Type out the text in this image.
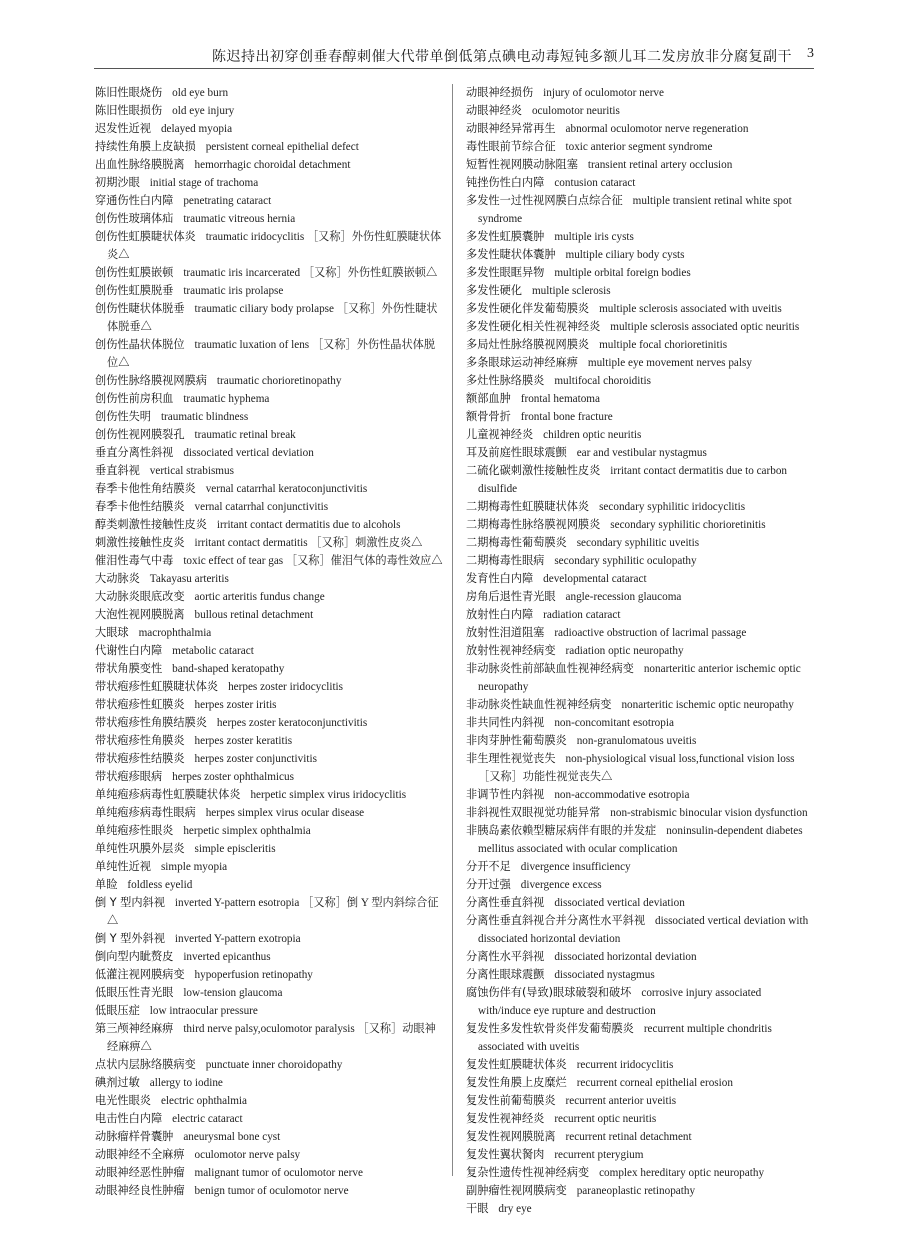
陈迟持出初穿创垂春醇刺催大代带单倒低第点碘电动毒短钝多额儿耳二发房放非分腐复副干 3
陈旧性眼烧伤 old eye burn
陈旧性眼损伤 old eye injury
迟发性近视 delayed myopia
持续性角膜上皮缺损 persistent corneal epithelial defect
出血性脉络膜脱离 hemorrhagic choroidal detachment
初期沙眼 initial stage of trachoma
穿通伤性白内障 penetrating cataract
创伤性玻璃体疝 traumatic vitreous hernia
创伤性虹膜睫状体炎 traumatic iridocyclitis ［又称］外伤性虹膜睫状体炎△
创伤性虹膜嵌顿 traumatic iris incarcerated ［又称］外伤性虹膜嵌顿△
创伤性虹膜脱垂 traumatic iris prolapse
创伤性睫状体脱垂 traumatic ciliary body prolapse ［又称］外伤性睫状体脱垂△
创伤性晶状体脱位 traumatic luxation of lens ［又称］外伤性晶状体脱位△
创伤性脉络膜视网膜病 traumatic chorioretinopathy
创伤性前房积血 traumatic hyphema
创伤性失明 traumatic blindness
创伤性视网膜裂孔 traumatic retinal break
垂直分离性斜视 dissociated vertical deviation
垂直斜视 vertical strabismus
春季卡他性角结膜炎 vernal catarrhal keratoconjunctivitis
春季卡他性结膜炎 vernal catarrhal conjunctivitis
醇类刺激性接触性皮炎 irritant contact dermatitis due to alcohols
刺激性接触性皮炎 irritant contact dermatitis ［又称］刺激性皮炎△
催泪性毒气中毒 toxic effect of tear gas ［又称］催泪气体的毒性效应△
大动脉炎 Takayasu arteritis
大动脉炎眼底改变 aortic arteritis fundus change
大泡性视网膜脱离 bullous retinal detachment
大眼球 macrophthalmia
代谢性白内障 metabolic cataract
带状角膜变性 band-shaped keratopathy
带状疱疹性虹膜睫状体炎 herpes zoster iridocyclitis
带状疱疹性虹膜炎 herpes zoster iritis
带状疱疹性角膜结膜炎 herpes zoster keratoconjunctivitis
带状疱疹性角膜炎 herpes zoster keratitis
带状疱疹性结膜炎 herpes zoster conjunctivitis
带状疱疹眼病 herpes zoster ophthalmicus
单纯疱疹病毒性虹膜睫状体炎 herpetic simplex virus iridocyclitis
单纯疱疹病毒性眼病 herpes simplex virus ocular disease
单纯疱疹性眼炎 herpetic simplex ophthalmia
单纯性巩膜外层炎 simple episcleritis
单纯性近视 simple myopia
单睑 foldless eyelid
倒 Y 型内斜视 inverted Y-pattern esotropia ［又称］倒 Y 型内斜综合征△
倒 Y 型外斜视 inverted Y-pattern exotropia
倒向型内眦赘皮 inverted epicanthus
低灌注视网膜病变 hypoperfusion retinopathy
低眼压性青光眼 low-tension glaucoma
低眼压症 low intraocular pressure
第三颅神经麻痹 third nerve palsy,oculomotor paralysis ［又称］动眼神经麻痹△
点状内层脉络膜病变 punctuate inner choroidopathy
碘剂过敏 allergy to iodine
电光性眼炎 electric ophthalmia
电击性白内障 electric cataract
动脉瘤样骨囊肿 aneurysmal bone cyst
动眼神经不全麻痹 oculomotor nerve palsy
动眼神经恶性肿瘤 malignant tumor of oculomotor nerve
动眼神经良性肿瘤 benign tumor of oculomotor nerve
动眼神经损伤 injury of oculomotor nerve
动眼神经炎 oculomotor neuritis
动眼神经异常再生 abnormal oculomotor nerve regeneration
毒性眼前节综合征 toxic anterior segment syndrome
短暂性视网膜动脉阻塞 transient retinal artery occlusion
钝挫伤性白内障 contusion cataract
多发性一过性视网膜白点综合征 multiple transient retinal white spot syndrome
多发性虹膜囊肿 multiple iris cysts
多发性睫状体囊肿 multiple ciliary body cysts
多发性眼眶异物 multiple orbital foreign bodies
多发性硬化 multiple sclerosis
多发性硬化伴发葡萄膜炎 multiple sclerosis associated with uveitis
多发性硬化相关性视神经炎 multiple sclerosis associated optic neuritis
多局灶性脉络膜视网膜炎 multiple focal chorioretinitis
多条眼球运动神经麻痹 multiple eye movement nerves palsy
多灶性脉络膜炎 multifocal choroiditis
额部血肿 frontal hematoma
额骨骨折 frontal bone fracture
儿童视神经炎 children optic neuritis
耳及前庭性眼球震颤 ear and vestibular nystagmus
二硫化碳刺激性接触性皮炎 irritant contact dermatitis due to carbon disulfide
二期梅毒性虹膜睫状体炎 secondary syphilitic iridocyclitis
二期梅毒性脉络膜视网膜炎 secondary syphilitic chorioretinitis
二期梅毒性葡萄膜炎 secondary syphilitic uveitis
二期梅毒性眼病 secondary syphilitic oculopathy
发育性白内障 developmental cataract
房角后退性青光眼 angle-recession glaucoma
放射性白内障 radiation cataract
放射性泪道阻塞 radioactive obstruction of lacrimal passage
放射性视神经病变 radiation optic neuropathy
非动脉炎性前部缺血性视神经病变 nonarteritic anterior ischemic optic neuropathy
非动脉炎性缺血性视神经病变 nonarteritic ischemic optic neuropathy
非共同性内斜视 non-concomitant esotropia
非肉芽肿性葡萄膜炎 non-granulomatous uveitis
非生理性视觉丧失 non-physiological visual loss,functional vision loss ［又称］功能性视觉丧失△
非调节性内斜视 non-accommodative esotropia
非斜视性双眼视觉功能异常 non-strabismic binocular vision dysfunction
非胰岛素依赖型糖尿病伴有眼的并发症 noninsulin-dependent diabetes mellitus associated with ocular complication
分开不足 divergence insufficiency
分开过强 divergence excess
分离性垂直斜视 dissociated vertical deviation
分离性垂直斜视合并分离性水平斜视 dissociated vertical deviation with dissociated horizontal deviation
分离性水平斜视 dissociated horizontal deviation
分离性眼球震颤 dissociated nystagmus
腐蚀伤伴有(导致)眼球破裂和破坏 corrosive injury associated with/induce eye rupture and destruction
复发性多发性软骨炎伴发葡萄膜炎 recurrent multiple chondritis associated with uveitis
复发性虹膜睫状体炎 recurrent iridocyclitis
复发性角膜上皮糜烂 recurrent corneal epithelial erosion
复发性前葡萄膜炎 recurrent anterior uveitis
复发性视神经炎 recurrent optic neuritis
复发性视网膜脱离 recurrent retinal detachment
复发性翼状胬肉 recurrent pterygium
复杂性遗传性视神经病变 complex hereditary optic neuropathy
副肿瘤性视网膜病变 paraneoplastic retinopathy
干眼 dry eye
